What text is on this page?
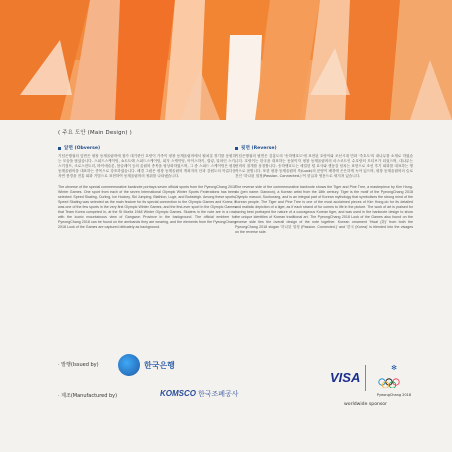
( 주요 도안 (Main Design) )
앞면 (Obverse)
기념은행권의 앞면은 평창 동계올림픽에 참가 대기중인 호랑이 가족이 평창 동계올림픽에서 펼쳐질 경기를 응원하는 모습을 담았습니다. 스피드스케이팅, 쇼트트랙 스피드스케이팅, 피겨 스케이팅, 아이스하키, 컬링, 알파인 스키, 스키점프, 크로스컨트리, 바이애슬론, 봅슬레이 등의 올림픽 종목을 형상화하였으며, 그 중 스피드 스케이팅은 평창 동계올림픽을 대표하는 종목으로 강조하였습니다. 배경 그림은 평창 동계올림픽 개최지의 산과 강원도의 아름다운 자연 풍경을 전통 회화 기법으로 표현하여 동계올림픽의 정취를 나타냈습니다.
The obverse of the special commemorative banknote portrays seven official sports from the PyeongChang 2018 Winter Games. One sport from each of the seven International Olympic Winter Sports Federations has been selected: Speed Skating, Curling, Ice Hockey, Ski Jumping, Biathlon, Luge, and Bobsleigh. Among these sports, Speed Skating was selected as the main feature for its special connection to the Olympic Games and Korea; it was one of the few sports in the very first Olympic Winter Games, and the first-ever sport in the Olympic Games that Team Korea competed in, at the St Moritz 1948 Winter Olympic Games. Skaters in the note are in a row, with the iconic mountainous view of Gangwon Province in the background. The official emblem for PyeongChang 2018 can be found on the armbands they are wearing, and the elements from the PyeongChang 2018 Look of the Games are captured delicately as background.
뒷면 (Reverse)
기념은행권의 뒷면은 김홍도의 '송하맹호도'에 표현된 호랑이와 조선시대 민화 '죽호도'의 대나무를 소재로 하였습니다. 호랑이는 한국을 대표하는 동물이자 평창 동계올림픽의 마스코트인 수호랑의 모티브가 되었으며, 대나무는 선비의 절개를 상징합니다. 송하맹호도는 세밀한 털 묘사와 생동감 넘치는 표현으로 조선 후기 회화를 대표하는 명작으로 꼽힙니다. 또한 평창 동계올림픽 룩(Look)의 문양이 배경에 은은하게 녹아 있으며, 평창 동계올림픽의 슬로건인 '하나된 열정(Passion. Connected.)'이 한글과 영문으로 새겨져 있습니다.
The reverse side of the commemorative banknote shows the Tiger and Pine Tree, a masterpiece by Kim Hong-do (pen name: Danwon), a Korean artist from the 18th century. Tiger is the motif of the PyeongChang 2018 Olympic mascot, Soohorang, and is an integral part of Korean mythology that symbolises the strong mind of the Korean people. The Tiger and Pine Tree is one of the most acclaimed pieces of Kim Hong-do for its detailed and realistic depiction of a tiger, as if each strand of fur comes to life in the picture. The work of art is praised for having best portrayed the nature of a courageous Korean tiger, and was used in the banknote design to show the unique identities of Korean traditional art. The PyeongChang 2018 Look of the Games also found on the reverse side ties the overall design of the note together. Korean ornament 'Hwal (화)' from both the PyeongChang 2018 slogan '하나된 열정 (Passion. Connected.)' and '한국 (Korea)' is blended into the visages on the reverse side.
· 발행(Issued by)	한국은행
· 제조(Manufactured by)	KOMSCO 한국조폐공사
VISA
✻
PyeongChang 2018
worldwide sponsor
